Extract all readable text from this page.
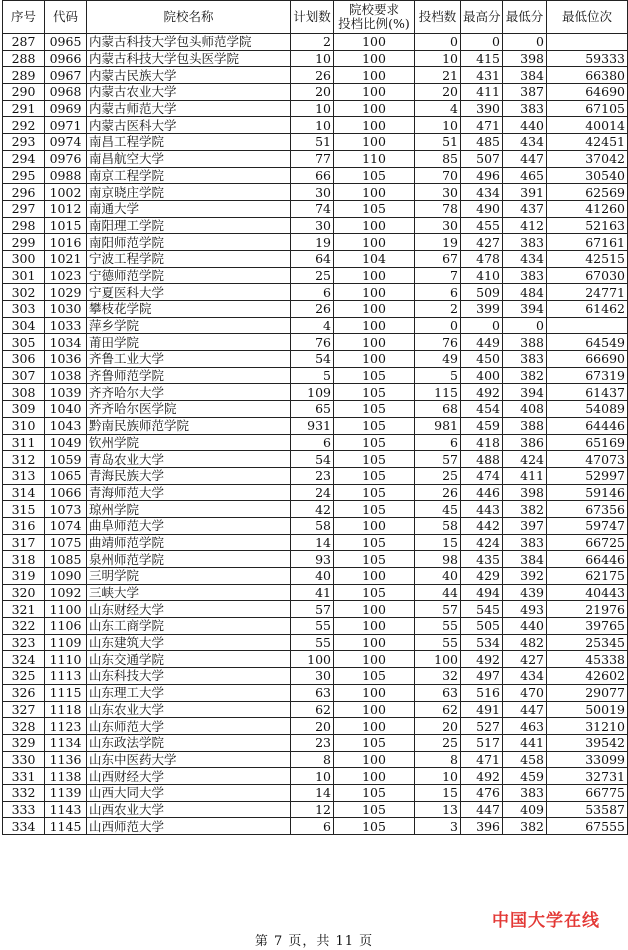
序号	代码	院校名称	计划数	院校要求
投档比例(%)	投档数	最高分	最低分	最低位次
287	0965	内蒙古科技大学包头师范学院	2	100	0	0	0	
288	0966	内蒙古科技大学包头医学院	10	100	10	415	398	59333
289	0967	内蒙古民族大学	26	100	21	431	384	66380
290	0968	内蒙古农业大学	20	100	20	411	387	64690
291	0969	内蒙古师范大学	10	100	4	390	383	67105
292	0971	内蒙古医科大学	10	100	10	471	440	40014
293	0974	南昌工程学院	51	100	51	485	434	42451
294	0976	南昌航空大学	77	110	85	507	447	37042
295	0988	南京工程学院	66	105	70	496	465	30540
296	1002	南京晓庄学院	30	100	30	434	391	62569
297	1012	南通大学	74	105	78	490	437	41260
298	1015	南阳理工学院	30	100	30	455	412	52163
299	1016	南阳师范学院	19	100	19	427	383	67161
300	1021	宁波工程学院	64	104	67	478	434	42515
301	1023	宁德师范学院	25	100	7	410	383	67030
302	1029	宁夏医科大学	6	100	6	509	484	24771
303	1030	攀枝花学院	26	100	2	399	394	61462
304	1033	萍乡学院	4	100	0	0	0	
305	1034	莆田学院	76	100	76	449	388	64549
306	1036	齐鲁工业大学	54	100	49	450	383	66690
307	1038	齐鲁师范学院	5	105	5	400	382	67319
308	1039	齐齐哈尔大学	109	105	115	492	394	61437
309	1040	齐齐哈尔医学院	65	105	68	454	408	54089
310	1043	黔南民族师范学院	931	105	981	459	388	64446
311	1049	钦州学院	6	105	6	418	386	65169
312	1059	青岛农业大学	54	105	57	488	424	47073
313	1065	青海民族大学	23	105	25	474	411	52997
314	1066	青海师范大学	24	105	26	446	398	59146
315	1073	琼州学院	42	105	45	443	382	67356
316	1074	曲阜师范大学	58	100	58	442	397	59747
317	1075	曲靖师范学院	14	105	15	424	383	66725
318	1085	泉州师范学院	93	105	98	435	384	66446
319	1090	三明学院	40	100	40	429	392	62175
320	1092	三峡大学	41	105	44	494	439	40443
321	1100	山东财经大学	57	100	57	545	493	21976
322	1106	山东工商学院	55	100	55	505	440	39765
323	1109	山东建筑大学	55	100	55	534	482	25345
324	1110	山东交通学院	100	100	100	492	427	45338
325	1113	山东科技大学	30	105	32	497	434	42602
326	1115	山东理工大学	63	100	63	516	470	29077
327	1118	山东农业大学	62	100	62	491	447	50019
328	1123	山东师范大学	20	100	20	527	463	31210
329	1134	山东政法学院	23	105	25	517	441	39542
330	1136	山东中医药大学	8	100	8	471	458	33099
331	1138	山西财经大学	10	100	10	492	459	32731
332	1139	山西大同大学	14	105	15	476	383	66775
333	1143	山西农业大学	12	105	13	447	409	53587
334	1145	山西师范大学	6	105	3	396	382	67555
中国大学在线
第 7 页，共 11 页
